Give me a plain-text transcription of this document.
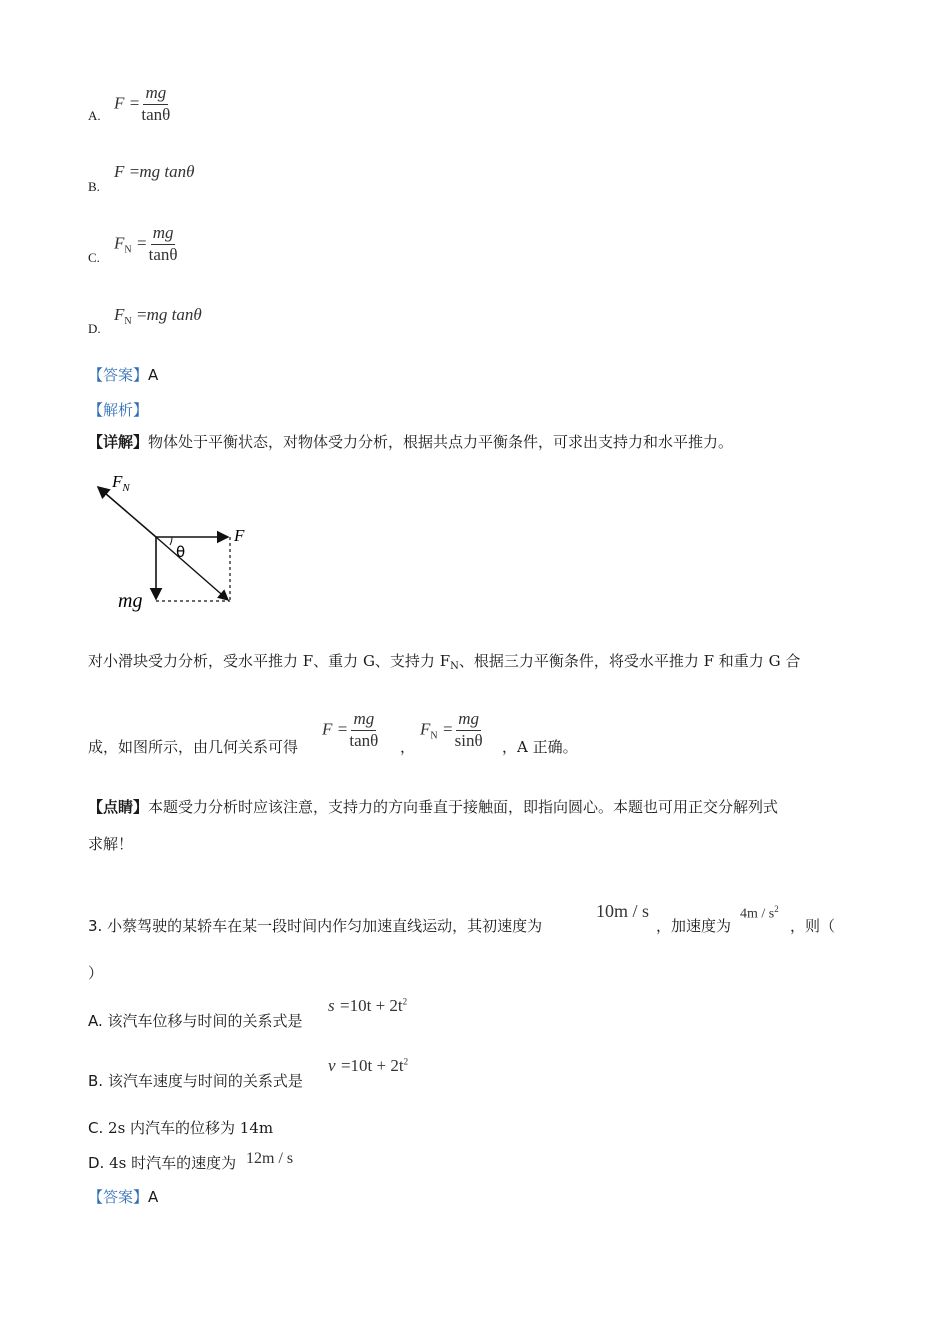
A.
$F = \frac{mg}{\tan\theta}$
B.
F =mg tanθ
C.
$F_N = \frac{mg}{\tan\theta}$
D.
$F_N =mg$ tanθ
【答案】A
【解析】
【详解】物体处于平衡状态，对物体受力分析，根据共点力平衡条件，可求出支持力和水平推力。
$F_N$
F
θ
mg
对小滑块受力分析，受水平推力 F、重力 G、支持力 $F_N$、根据三力平衡条件，将受水平推力 F 和重力 G 合
成，如图所示，由几何关系可得
$F = \frac{mg}{\tan\theta}$ ，
$F_N = \frac{mg}{\sin\theta}$ ，A 正确。
【点睛】本题受力分析时应该注意，支持力的方向垂直于接触面，即指向圆心。本题也可用正交分解列式
求解！
3. 小蔡驾驶的某轿车在某一段时间内作匀加速直线运动，其初速度为
10m / s
，加速度为
$4m / s^2$
，则（
）
A. 该汽车位移与时间的关系式是
$s =10t + 2t^2$
B. 该汽车速度与时间的关系式是
$v =10t + 2t^2$
C. 2s 内汽车的位移为 14m
D. 4s 时汽车的速度为 12m / s
【答案】A
